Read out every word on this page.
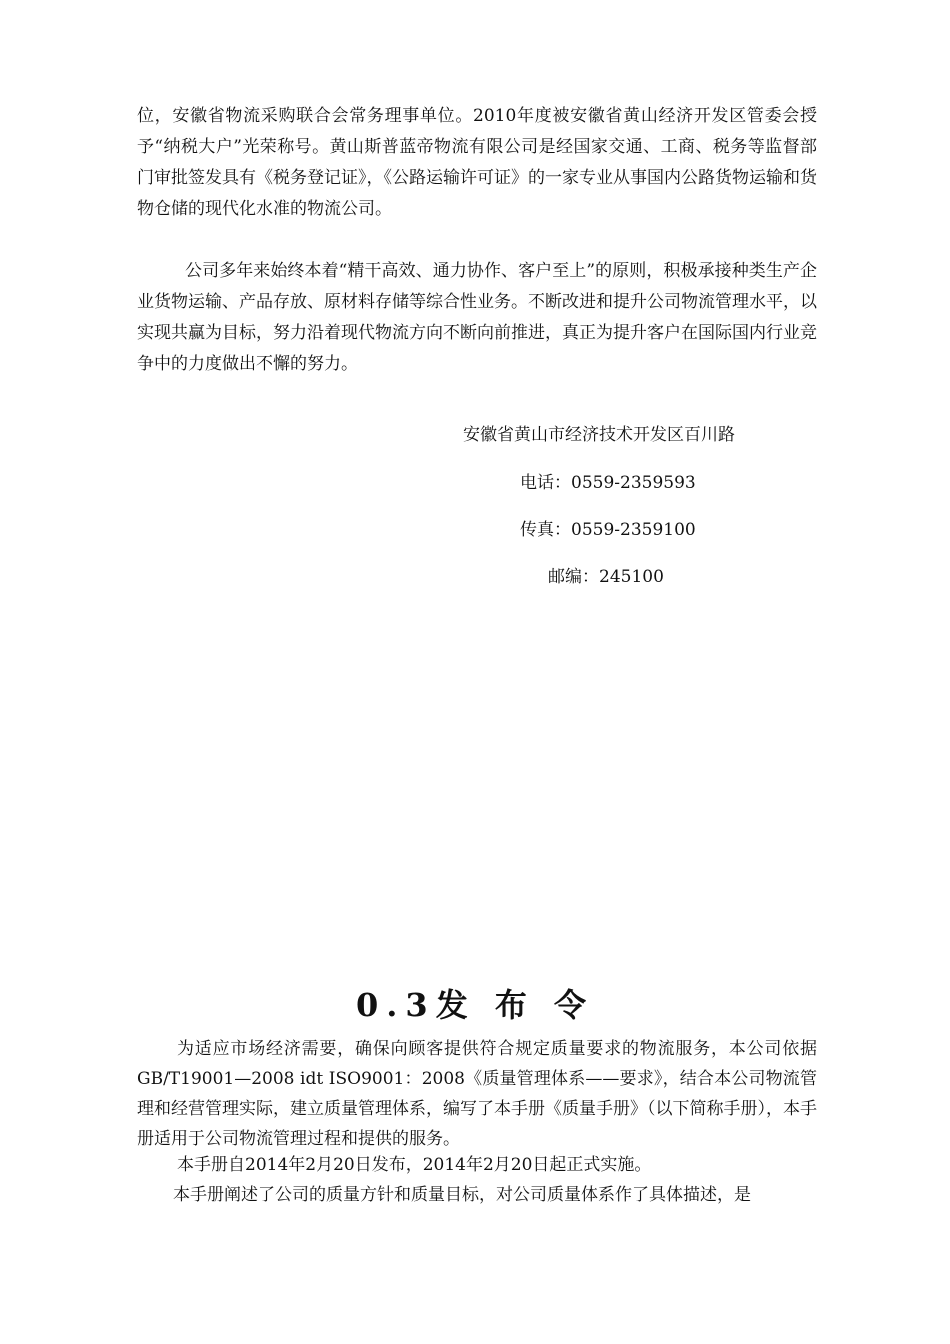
位，安徽省物流采购联合会常务理事单位。2010年度被安徽省黄山经济开发区管委会授予“纳税大户”光荣称号。黄山斯普蓝帝物流有限公司是经国家交通、工商、税务等监督部门审批签发具有《税务登记证》，《公路运输许可证》的一家专业从事国内公路货物运输和货物仓储的现代化水准的物流公司。

公司多年来始终本着“精干高效、通力协作、客户至上”的原则，积极承接种类生产企业货物运输、产品存放、原材料存储等综合性业务。不断改进和提升公司物流管理水平，以实现共赢为目标，努力沿着现代物流方向不断向前推进，真正为提升客户在国际国内行业竞争中的力度做出不懈的努力。

安徽省黄山市经济技术开发区百川路
电话：0559-2359593
传真：0559-2359100
邮编：245100
0.3发 布 令

为适应市场经济需要，确保向顾客提供符合规定质量要求的物流服务，本公司依据GB/T19001—2008 idt ISO9001：2008《质量管理体系——要求》，结合本公司物流管理和经营管理实际，建立质量管理体系，编写了本手册《质量手册》（以下简称手册），本手册适用于公司物流管理过程和提供的服务。

本手册自2014年2月20日发布，2014年2月20日起正式实施。

本手册阐述了公司的质量方针和质量目标，对公司质量体系作了具体描述，是
